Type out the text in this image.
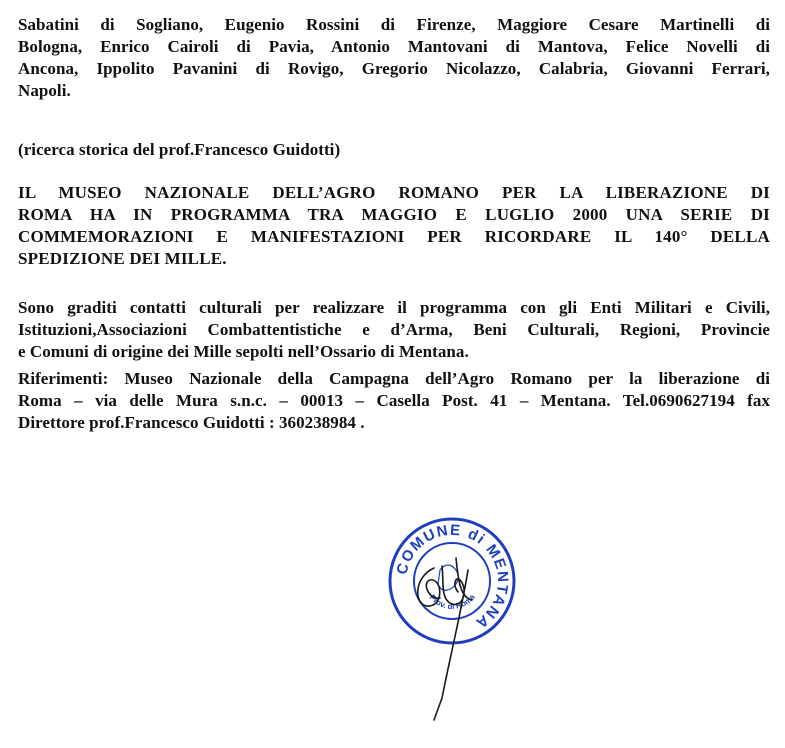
Sabatini di Sogliano, Eugenio Rossini di Firenze, Maggiore Cesare Martinelli di
Bologna, Enrico Cairoli di Pavia, Antonio Mantovani di Mantova, Felice Novelli di
Ancona, Ippolito Pavanini di Rovigo, Gregorio Nicolazzo, Calabria, Giovanni Ferrari,
Napoli.

(ricerca storica del prof.Francesco Guidotti)

IL MUSEO NAZIONALE DELL’AGRO ROMANO PER LA LIBERAZIONE DI
ROMA HA IN PROGRAMMA TRA MAGGIO E LUGLIO 2000 UNA SERIE DI
COMMEMORAZIONI E MANIFESTAZIONI PER RICORDARE IL 140° DELLA
SPEDIZIONE DEI MILLE.

Sono graditi contatti culturali per realizzare il programma con gli Enti Militari e Civili,
Istituzioni,Associazioni Combattentistiche e d’Arma, Beni Culturali, Regioni, Provincie
e Comuni di origine dei Mille sepolti nell’Ossario di Mentana.

Riferimenti: Museo Nazionale della Campagna dell’Agro Romano per la liberazione di
Roma – via delle Mura s.n.c. – 00013 – Casella Post. 41 – Mentana. Tel.0690627194 fax
Direttore prof.Francesco Guidotti : 360238984 .

COMUNE di MENTANA
Prov. di Roma
